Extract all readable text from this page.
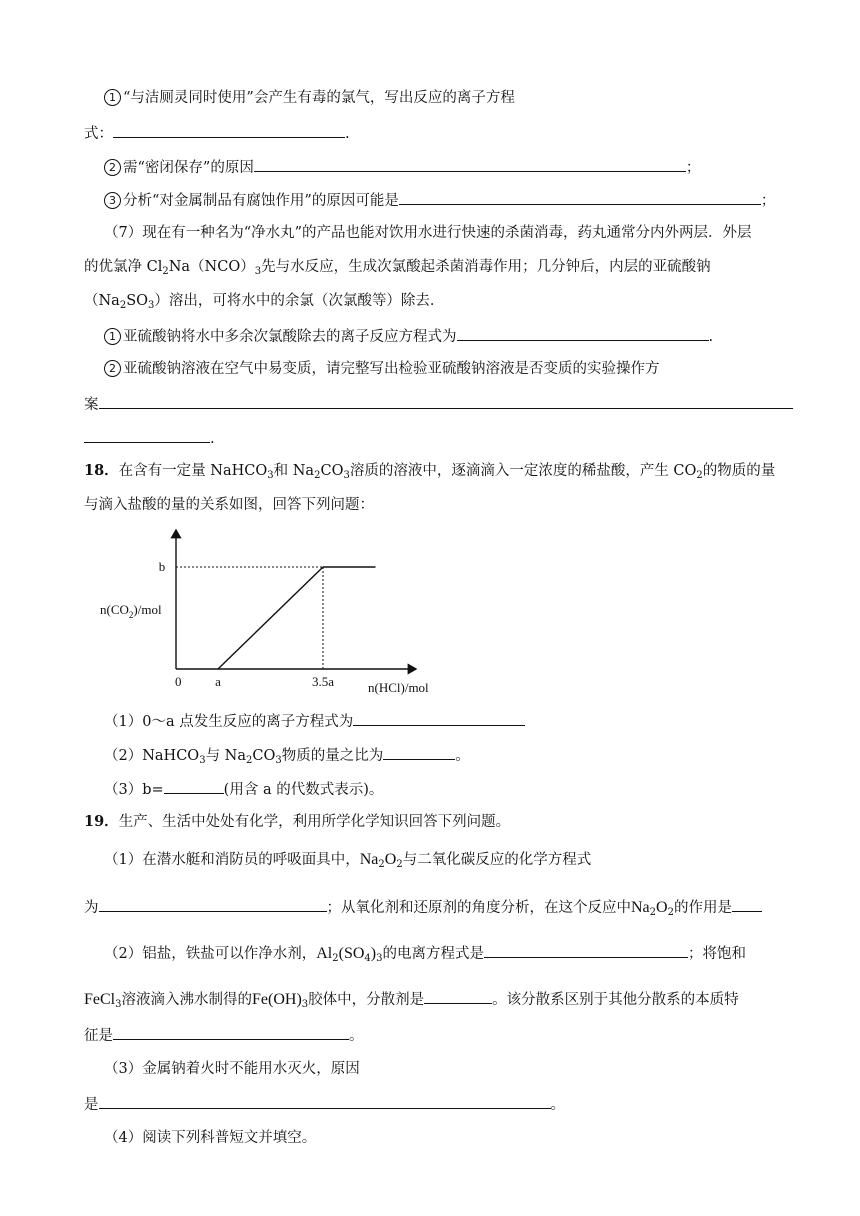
1 “与洁厕灵同时使用”会产生有毒的氯气，写出反应的离子方程
式：	.
2 需“密闭保存”的原因	；
3 分析“对金属制品有腐蚀作用”的原因可能是	；
（7）现在有一种名为“净水丸”的产品也能对饮用水进行快速的杀菌消毒，药丸通常分内外两层．外层
的优氯净 $Cl_2Na(NCO)_3$先与水反应，生成次氯酸起杀菌消毒作用；几分钟后，内层的亚硫酸钠
$(Na_2SO_3)$溶出，可将水中的余氯（次氯酸等）除去．
1 亚硫酸钠将水中多余次氯酸除去的离子反应方程式为	.
2 亚硫酸钠溶液在空气中易变质，请完整写出检验亚硫酸钠溶液是否变质的实验操作方
案
.
18．在含有一定量 NaHCO$_3$和 $Na_2CO_3$溶质的溶液中，逐滴滴入一定浓度的稀盐酸，产生 $CO_2$的物质的量
与滴入盐酸的量的关系如图，回答下列问题：
0	a	3.5a
b
$n(CO_2)$/mol
n(HCl)/mol
（1）0～a 点发生反应的离子方程式为
（2）NaHCO$_3$与 $Na_2CO_3$物质的量之比为	。
（3）b=	(用含 a 的代数式表示)。
19．生产、生活中处处有化学，利用所学化学知识回答下列问题。
（1）在潜水艇和消防员的呼吸面具中，$Na_2O_2$与二氧化碳反应的化学方程式
为	；从氧化剂和还原剂的角度分析，在这个反应中$Na_2O_2$的作用是
（2）铝盐，铁盐可以作净水剂，$Al_2(SO_4)_3$的电离方程式是	；将饱和
FeCl$_3$溶液滴入沸水制得的$Fe(OH)_3$胶体中，分散剂是	。该分散系区别于其他分散系的本质特
征是	。
（3）金属钠着火时不能用水灭火，原因
是	。
（4）阅读下列科普短文并填空。
